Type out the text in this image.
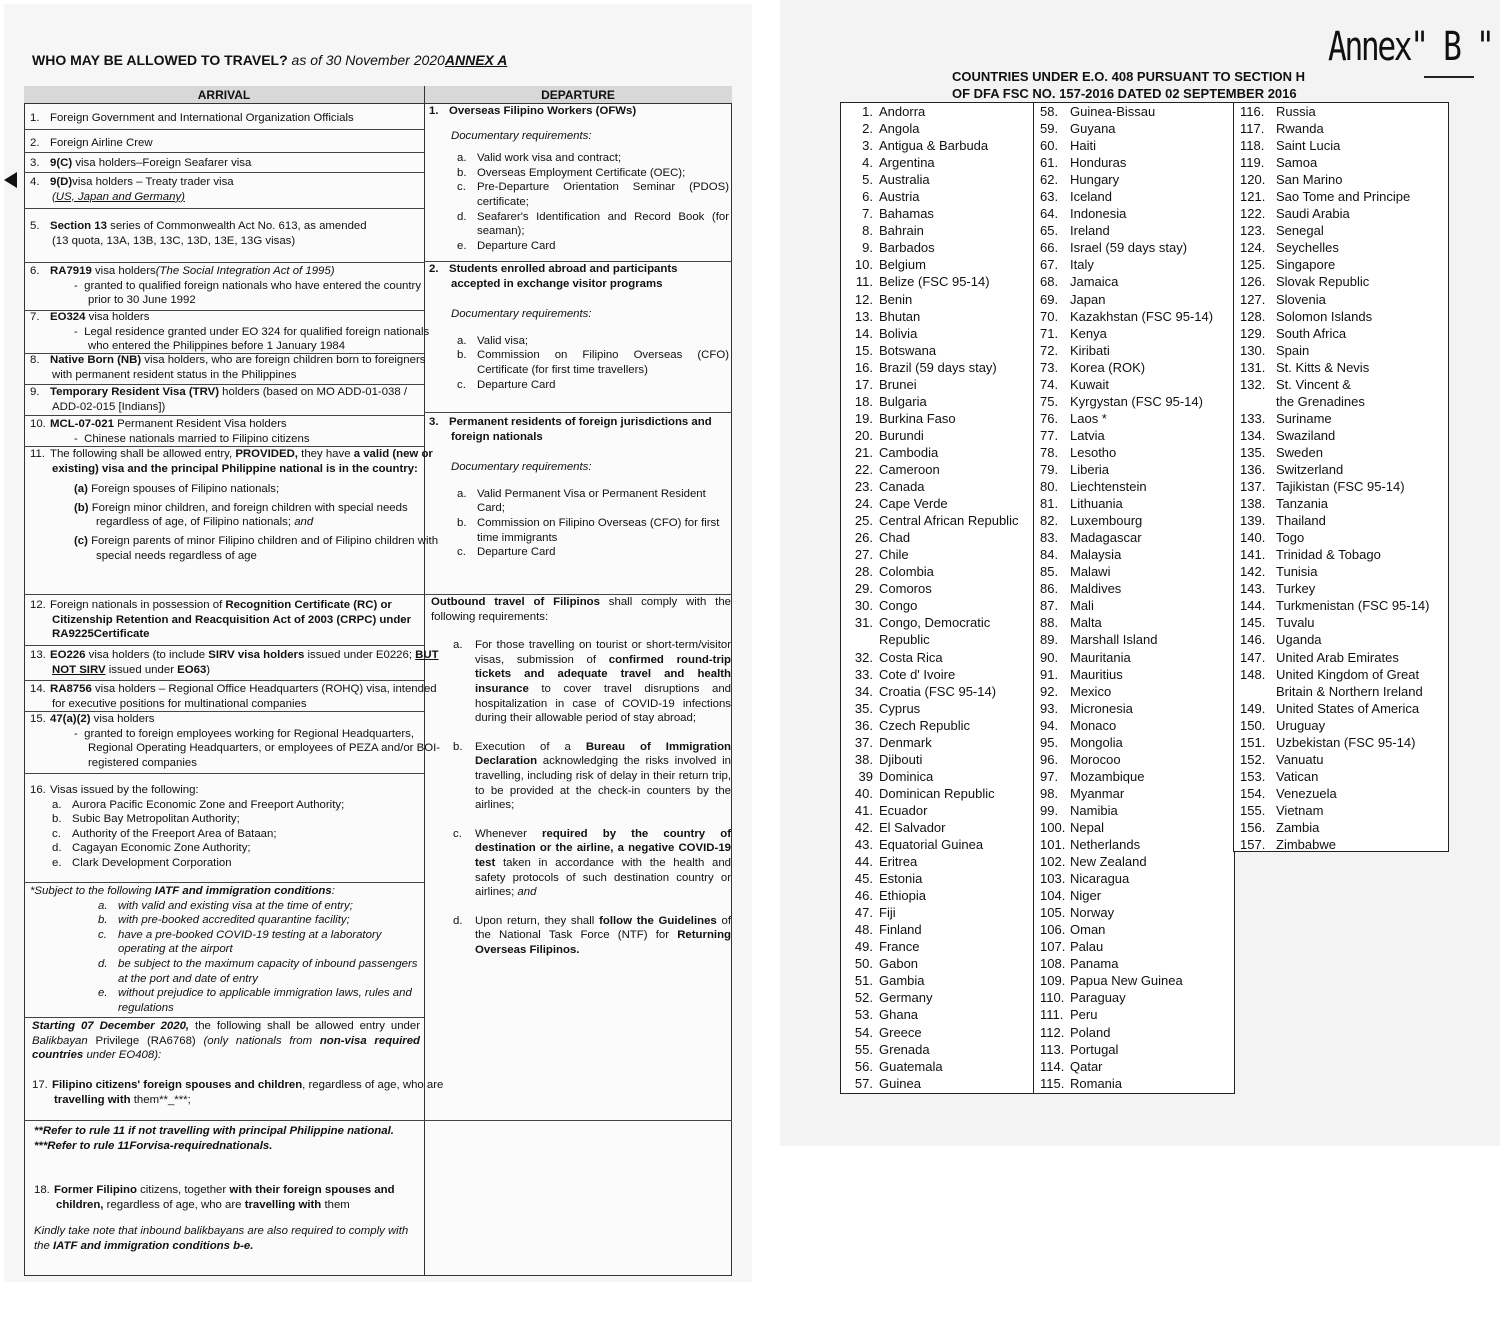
WHO MAY BE ALLOWED TO TRAVEL? as of 30 November 2020ANNEX A
ARRIVAL	DEPARTURE
1. Foreign Government and International Organization Officials
2. Foreign Airline Crew
3. 9(C) visa holders–Foreign Seafarer visa
4. 9(D)visa holders – Treaty trader visa
(US, Japan and Germany)
5. Section 13 series of Commonwealth Act No. 613, as amended
(13 quota, 13A, 13B, 13C, 13D, 13E, 13G visas)
6. RA7919 visa holders(The Social Integration Act of 1995)
-  granted to qualified foreign nationals who have entered the country prior to 30 June 1992
7. EO324 visa holders
-  Legal residence granted under EO 324 for qualified foreign nationals who entered the Philippines before 1 January 1984
8. Native Born (NB) visa holders, who are foreign children born to foreigners with permanent resident status in the Philippines
9. Temporary Resident Visa (TRV) holders (based on MO ADD-01-038 / ADD-02-015 [Indians])
10. MCL-07-021 Permanent Resident Visa holders
-  Chinese nationals married to Filipino citizens
11. The following shall be allowed entry, PROVIDED, they have a valid (new or existing) visa and the principal Philippine national is in the country:
(a) Foreign spouses of Filipino nationals;
(b) Foreign minor children, and foreign children with special needs regardless of age, of Filipino nationals; and
(c) Foreign parents of minor Filipino children and of Filipino children with special needs regardless of age
12. Foreign nationals in possession of Recognition Certificate (RC) or Citizenship Retention and Reacquisition Act of 2003 (CRPC) under RA9225Certificate
13. EO226 visa holders (to include SIRV visa holders issued under E0226; BUT NOT SIRV issued under EO63)
14. RA8756 visa holders – Regional Office Headquarters (ROHQ) visa, intended for executive positions for multinational companies
15. 47(a)(2) visa holders
-  granted to foreign employees working for Regional Headquarters, Regional Operating Headquarters, or employees of PEZA and/or BOI-registered companies
16. Visas issued by the following:
a. Aurora Pacific Economic Zone and Freeport Authority;
b. Subic Bay Metropolitan Authority;
c. Authority of the Freeport Area of Bataan;
d. Cagayan Economic Zone Authority;
e. Clark Development Corporation
*Subject to the following IATF and immigration conditions:
a. with valid and existing visa at the time of entry;
b. with pre-booked accredited quarantine facility;
c. have a pre-booked COVID-19 testing at a laboratory operating at the airport
d. be subject to the maximum capacity of inbound passengers at the port and date of entry
e. without prejudice to applicable immigration laws, rules and regulations
Starting 07 December 2020, the following shall be allowed entry under Balikbayan Privilege (RA6768) (only nationals from non-visa required countries under EO408):
17. Filipino citizens' foreign spouses and children, regardless of age, who are travelling with them**_***;
**Refer to rule 11 if not travelling with principal Philippine national.
***Refer to rule 11Forvisa-requirednationals.
18. Former Filipino citizens, together with their foreign spouses and children, regardless of age, who are travelling with them
Kindly take note that inbound balikbayans are also required to comply with the IATF and immigration conditions b-e.
1. Overseas Filipino Workers (OFWs)
Documentary requirements:
a. Valid work visa and contract;
b. Overseas Employment Certificate (OEC);
c. Pre-Departure Orientation Seminar (PDOS) certificate;
d. Seafarer's Identification and Record Book (for seaman);
e. Departure Card
2. Students enrolled abroad and participants accepted in exchange visitor programs
Documentary requirements:
a. Valid visa;
b. Commission on Filipino Overseas (CFO) Certificate (for first time travellers)
c. Departure Card
3. Permanent residents of foreign jurisdictions and foreign nationals
Documentary requirements:
a. Valid Permanent Visa or Permanent Resident Card;
b. Commission on Filipino Overseas (CFO) for first time immigrants
c. Departure Card
Outbound travel of Filipinos shall comply with the following requirements:
a. For those travelling on tourist or short-term/visitor visas, submission of confirmed round-trip tickets and adequate travel and health insurance to cover travel disruptions and hospitalization in case of COVID-19 infections during their allowable period of stay abroad;
b. Execution of a Bureau of Immigration Declaration acknowledging the risks involved in travelling, including risk of delay in their return trip, to be provided at the check-in counters by the airlines;
c. Whenever required by the country of destination or the airline, a negative COVID-19 test taken in accordance with the health and safety protocols of such destination country or airlines; and
d. Upon return, they shall follow the Guidelines of the National Task Force (NTF) for Returning Overseas Filipinos.
Annex" B "
COUNTRIES UNDER E.O. 408 PURSUANT TO SECTION H
OF DFA FSC NO. 157-2016 DATED 02 SEPTEMBER 2016
1. Andorra
2. Angola
3. Antigua & Barbuda
4. Argentina
5. Australia
6. Austria
7. Bahamas
8. Bahrain
9. Barbados
10. Belgium
11. Belize (FSC 95-14)
12. Benin
13. Bhutan
14. Bolivia
15. Botswana
16. Brazil (59 days stay)
17. Brunei
18. Bulgaria
19. Burkina Faso
20. Burundi
21. Cambodia
22. Cameroon
23. Canada
24. Cape Verde
25. Central African Republic
26. Chad
27. Chile
28. Colombia
29. Comoros
30. Congo
31. Congo, Democratic
Republic
32. Costa Rica
33. Cote d' Ivoire
34. Croatia (FSC 95-14)
35. Cyprus
36. Czech Republic
37. Denmark
38. Djibouti
39 Dominica
40. Dominican Republic
41. Ecuador
42. El Salvador
43. Equatorial Guinea
44. Eritrea
45. Estonia
46. Ethiopia
47. Fiji
48. Finland
49. France
50. Gabon
51. Gambia
52. Germany
53. Ghana
54. Greece
55. Grenada
56. Guatemala
57. Guinea
58. Guinea-Bissau
59. Guyana
60. Haiti
61. Honduras
62. Hungary
63. Iceland
64. Indonesia
65. Ireland
66. Israel (59 days stay)
67. Italy
68. Jamaica
69. Japan
70. Kazakhstan (FSC 95-14)
71. Kenya
72. Kiribati
73. Korea (ROK)
74. Kuwait
75. Kyrgystan (FSC 95-14)
76. Laos *
77. Latvia
78. Lesotho
79. Liberia
80. Liechtenstein
81. Lithuania
82. Luxembourg
83. Madagascar
84. Malaysia
85. Malawi
86. Maldives
87. Mali
88. Malta
89. Marshall Island
90. Mauritania
91. Mauritius
92. Mexico
93. Micronesia
94. Monaco
95. Mongolia
96. Morocoo
97. Mozambique
98. Myanmar
99. Namibia
100. Nepal
101. Netherlands
102. New Zealand
103. Nicaragua
104. Niger
105. Norway
106. Oman
107. Palau
108. Panama
109. Papua New Guinea
110. Paraguay
111. Peru
112. Poland
113. Portugal
114. Qatar
115. Romania
116. Russia
117. Rwanda
118. Saint Lucia
119. Samoa
120. San Marino
121. Sao Tome and Principe
122. Saudi Arabia
123. Senegal
124. Seychelles
125. Singapore
126. Slovak Republic
127. Slovenia
128. Solomon Islands
129. South Africa
130. Spain
131. St. Kitts & Nevis
132. St. Vincent &
the Grenadines
133. Suriname
134. Swaziland
135. Sweden
136. Switzerland
137. Tajikistan (FSC 95-14)
138. Tanzania
139. Thailand
140. Togo
141. Trinidad & Tobago
142. Tunisia
143. Turkey
144. Turkmenistan (FSC 95-14)
145. Tuvalu
146. Uganda
147. United Arab Emirates
148. United Kingdom of Great
Britain & Northern Ireland
149. United States of America
150. Uruguay
151. Uzbekistan (FSC 95-14)
152. Vanuatu
153. Vatican
154. Venezuela
155. Vietnam
156. Zambia
157. Zimbabwe
